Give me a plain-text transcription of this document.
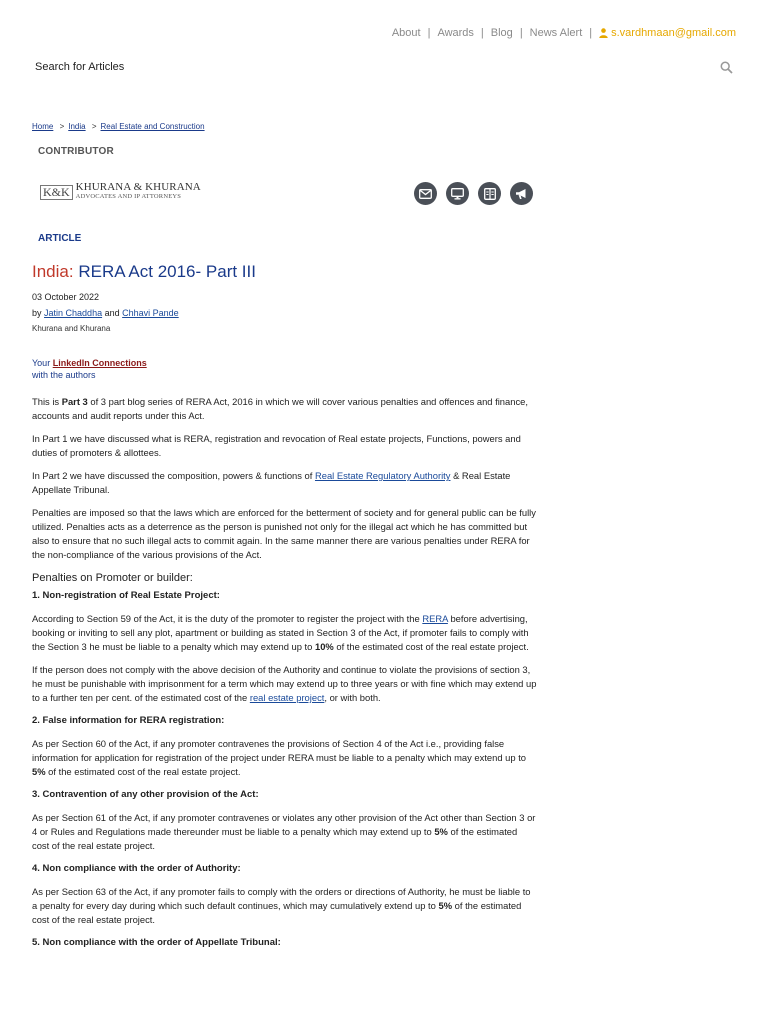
About | Awards | Blog | News Alert | s.vardhmaan@gmail.com
Search for Articles
Home > India > Real Estate and Construction
CONTRIBUTOR
K&K KHURANA & KHURANA
ADVOCATES AND IP ATTORNEYS
ARTICLE
India: RERA Act 2016- Part III
03 October 2022
by Jatin Chaddha and Chhavi Pande
Khurana and Khurana
Your LinkedIn Connections
with the authors

This is Part 3 of 3 part blog series of RERA Act, 2016 in which we will cover various penalties and offences and finance, accounts and audit reports under this Act.

In Part 1 we have discussed what is RERA, registration and revocation of Real estate projects, Functions, powers and duties of promoters & allottees.

In Part 2 we have discussed the composition, powers & functions of Real Estate Regulatory Authority & Real Estate Appellate Tribunal.

Penalties are imposed so that the laws which are enforced for the betterment of society and for general public can be fully utilized. Penalties acts as a deterrence as the person is punished not only for the illegal act which he has committed but also to ensure that no such illegal acts to commit again. In the same manner there are various penalties under RERA for the non-compliance of the various provisions of the Act.

Penalties on Promoter or builder:
1. Non-registration of Real Estate Project:

According to Section 59 of the Act, it is the duty of the promoter to register the project with the RERA before advertising, booking or inviting to sell any plot, apartment or building as stated in Section 3 of the Act, if promoter fails to comply with the Section 3 he must be liable to a penalty which may extend up to 10% of the estimated cost of the real estate project.

If the person does not comply with the above decision of the Authority and continue to violate the provisions of section 3, he must be punishable with imprisonment for a term which may extend up to three years or with fine which may extend up to a further ten per cent. of the estimated cost of the real estate project, or with both.

2. False information for RERA registration:

As per Section 60 of the Act, if any promoter contravenes the provisions of Section 4 of the Act i.e., providing false information for application for registration of the project under RERA must be liable to a penalty which may extend up to 5% of the estimated cost of the real estate project.

3. Contravention of any other provision of the Act:

As per Section 61 of the Act, if any promoter contravenes or violates any other provision of the Act other than Section 3 or 4 or Rules and Regulations made thereunder must be liable to a penalty which may extend up to 5% of the estimated cost of the real estate project.

4. Non compliance with the order of Authority:

As per Section 63 of the Act, if any promoter fails to comply with the orders or directions of Authority, he must be liable to a penalty for every day during which such default continues, which may cumulatively extend up to 5% of the estimated cost of the real estate project.

5. Non compliance with the order of Appellate Tribunal:
